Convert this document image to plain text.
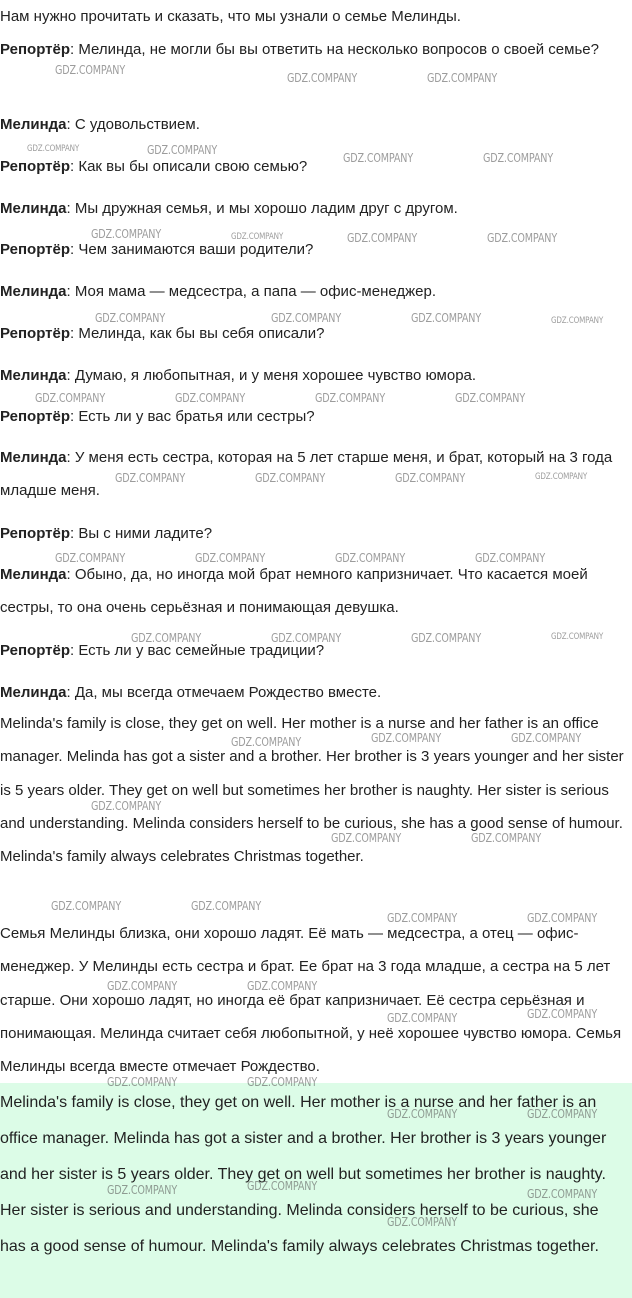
Нам нужно прочитать и сказать, что мы узнали о семье Мелинды.
Репортёр: Мелинда, не могли бы вы ответить на несколько вопросов о своей семье?
Мелинда: С удовольствием.
Репортёр: Как вы бы описали свою семью?
Мелинда: Мы дружная семья, и мы хорошо ладим друг с другом.
Репортёр: Чем занимаются ваши родители?
Мелинда: Моя мама — медсестра, а папа — офис-менеджер.
Репортёр: Мелинда, как бы вы себя описали?
Мелинда: Думаю, я любопытная, и у меня хорошее чувство юмора.
Репортёр: Есть ли у вас братья или сестры?
Мелинда: У меня есть сестра, которая на 5 лет старше меня, и брат, который на 3 года младше меня.
Репортёр: Вы с ними ладите?
Мелинда: Обыно, да, но иногда мой брат немного капризничает. Что касается моей сестры, то она очень серьёзная и понимающая девушка.
Репортёр: Есть ли у вас семейные традиции?
Мелинда: Да, мы всегда отмечаем Рождество вместе.
Melinda's family is close, they get on well. Her mother is a nurse and her father is an office manager. Melinda has got a sister and a brother. Her brother is 3 years younger and her sister is 5 years older. They get on well but sometimes her brother is naughty. Her sister is serious and understanding. Melinda considers herself to be curious, she has a good sense of humour. Melinda's family always celebrates Christmas together.
Семья Мелинды близка, они хорошо ладят. Её мать — медсестра, а отец — офис-менеджер. У Мелинды есть сестра и брат. Ее брат на 3 года младше, а сестра на 5 лет старше. Они хорошо ладят, но иногда её брат капризничает. Её сестра серьёзная и понимающая. Мелинда считает себя любопытной, у неё хорошее чувство юмора. Семья Мелинды всегда вместе отмечает Рождество.
Melinda's family is close, they get on well. Her mother is a nurse and her father is an office manager. Melinda has got a sister and a brother. Her brother is 3 years younger and her sister is 5 years older. They get on well but sometimes her brother is naughty. Her sister is serious and understanding. Melinda considers herself to be curious, she has a good sense of humour. Melinda's family always celebrates Christmas together.
GDZ.COMPANY
GDZ.COMPANY	GDZ.COMPANY
GDZ.COMPANY	GDZ.COMPANY
GDZ.COMPANY	GDZ.COMPANY
GDZ.COMPANY	GDZ.COMPANY	GDZ.COMPANY	GDZ.COMPANY
GDZ.COMPANY	GDZ.COMPANY	GDZ.COMPANY	GDZ.COMPANY
GDZ.COMPANY	GDZ.COMPANY	GDZ.COMPANY	GDZ.COMPANY
GDZ.COMPANY	GDZ.COMPANY	GDZ.COMPANY	GDZ.COMPANY
GDZ.COMPANY	GDZ.COMPANY	GDZ.COMPANY	GDZ.COMPANY
GDZ.COMPANY	GDZ.COMPANY	GDZ.COMPANY	GDZ.COMPANY
GDZ.COMPANY	GDZ.COMPANY	GDZ.COMPANY
GDZ.COMPANY
GDZ.COMPANY	GDZ.COMPANY
GDZ.COMPANY	GDZ.COMPANY
GDZ.COMPANY	GDZ.COMPANY
GDZ.COMPANY	GDZ.COMPANY
GDZ.COMPANY	GDZ.COMPANY
GDZ.COMPANY	GDZ.COMPANY
GDZ.COMPANY	GDZ.COMPANY
GDZ.COMPANY	GDZ.COMPANY
GDZ.COMPANY
GDZ.COMPANY
